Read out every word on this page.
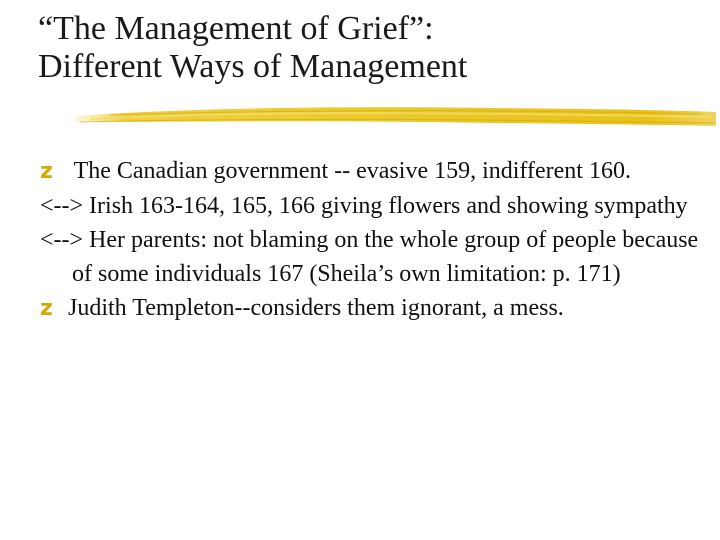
“The Management of Grief”:
Different Ways of Management

z The Canadian government -- evasive 159, indifferent 160.

<--> Irish 163-164, 165, 166 giving flowers and showing sympathy

<--> Her parents: not blaming on the whole group of people because of some individuals 167 (Sheila’s own limitation: p. 171)

z Judith Templeton--considers them ignorant, a mess.
